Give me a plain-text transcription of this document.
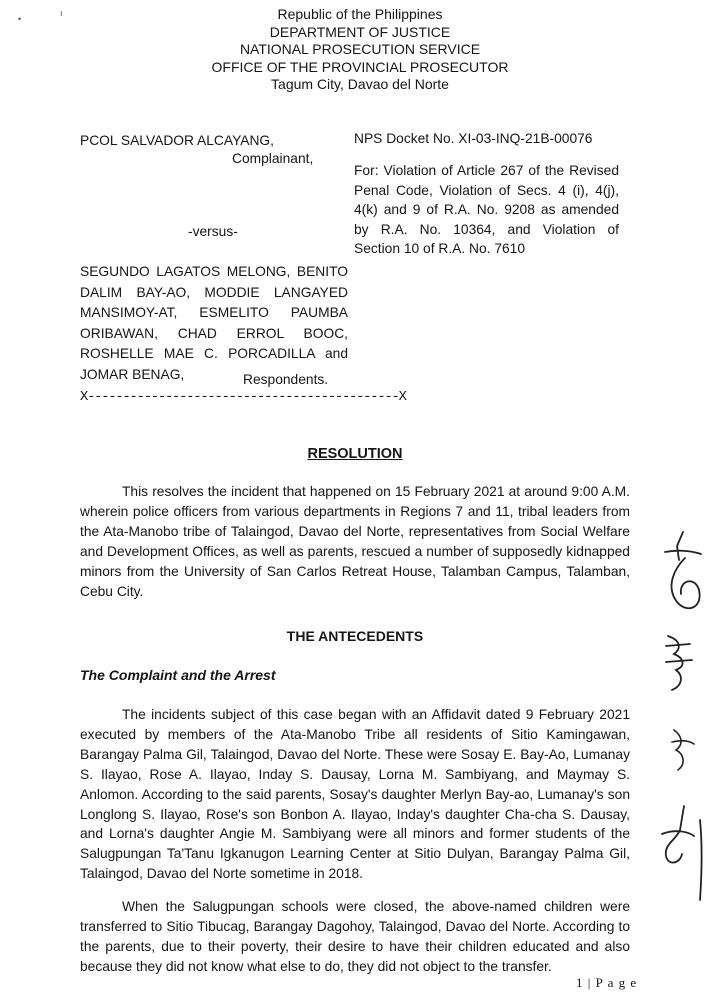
•
ı	Republic of the Philippines
DEPARTMENT OF JUSTICE
NATIONAL PROSECUTION SERVICE
OFFICE OF THE PROVINCIAL PROSECUTOR
Tagum City, Davao del Norte
PCOL SALVADOR ALCAYANG,
Complainant,
-versus-
SEGUNDO LAGATOS MELONG, BENITO
DALIM BAY-AO, MODDIE LANGAYED
MANSIMOY-AT, ESMELITO PAUMBA
ORIBAWAN, CHAD ERROL BOOC,
ROSHELLE MAE C. PORCADILLA and
JOMAR BENAG,	Respondents.
X--------------------------------------------X
NPS Docket No. XI-03-INQ-21B-00076
For: Violation of Article 267 of the Revised Penal Code, Violation of Secs. 4 (i), 4(j), 4(k) and 9 of R.A. No. 9208 as amended by R.A. No. 10364, and Violation of Section 10 of R.A. No. 7610
RESOLUTION
This resolves the incident that happened on 15 February 2021 at around 9:00 A.M. wherein police officers from various departments in Regions 7 and 11, tribal leaders from the Ata-Manobo tribe of Talaingod, Davao del Norte, representatives from Social Welfare and Development Offices, as well as parents, rescued a number of supposedly kidnapped minors from the University of San Carlos Retreat House, Talamban Campus, Talamban, Cebu City.
THE ANTECEDENTS
The Complaint and the Arrest
The incidents subject of this case began with an Affidavit dated 9 February 2021 executed by members of the Ata-Manobo Tribe all residents of Sitio Kamingawan, Barangay Palma Gil, Talaingod, Davao del Norte. These were Sosay E. Bay-Ao, Lumanay S. Ilayao, Rose A. Ilayao, Inday S. Dausay, Lorna M. Sambiyang, and Maymay S. Anlomon. According to the said parents, Sosay's daughter Merlyn Bay-ao, Lumanay's son Longlong S. Ilayao, Rose's son Bonbon A. Ilayao, Inday's daughter Cha-cha S. Dausay, and Lorna's daughter Angie M. Sambiyang were all minors and former students of the Salugpungan Ta'Tanu Igkanugon Learning Center at Sitio Dulyan, Barangay Palma Gil, Talaingod, Davao del Norte sometime in 2018.
When the Salugpungan schools were closed, the above-named children were transferred to Sitio Tibucag, Barangay Dagohoy, Talaingod, Davao del Norte. According to the parents, due to their poverty, their desire to have their children educated and also because they did not know what else to do, they did not object to the transfer.
1 | P a g e
